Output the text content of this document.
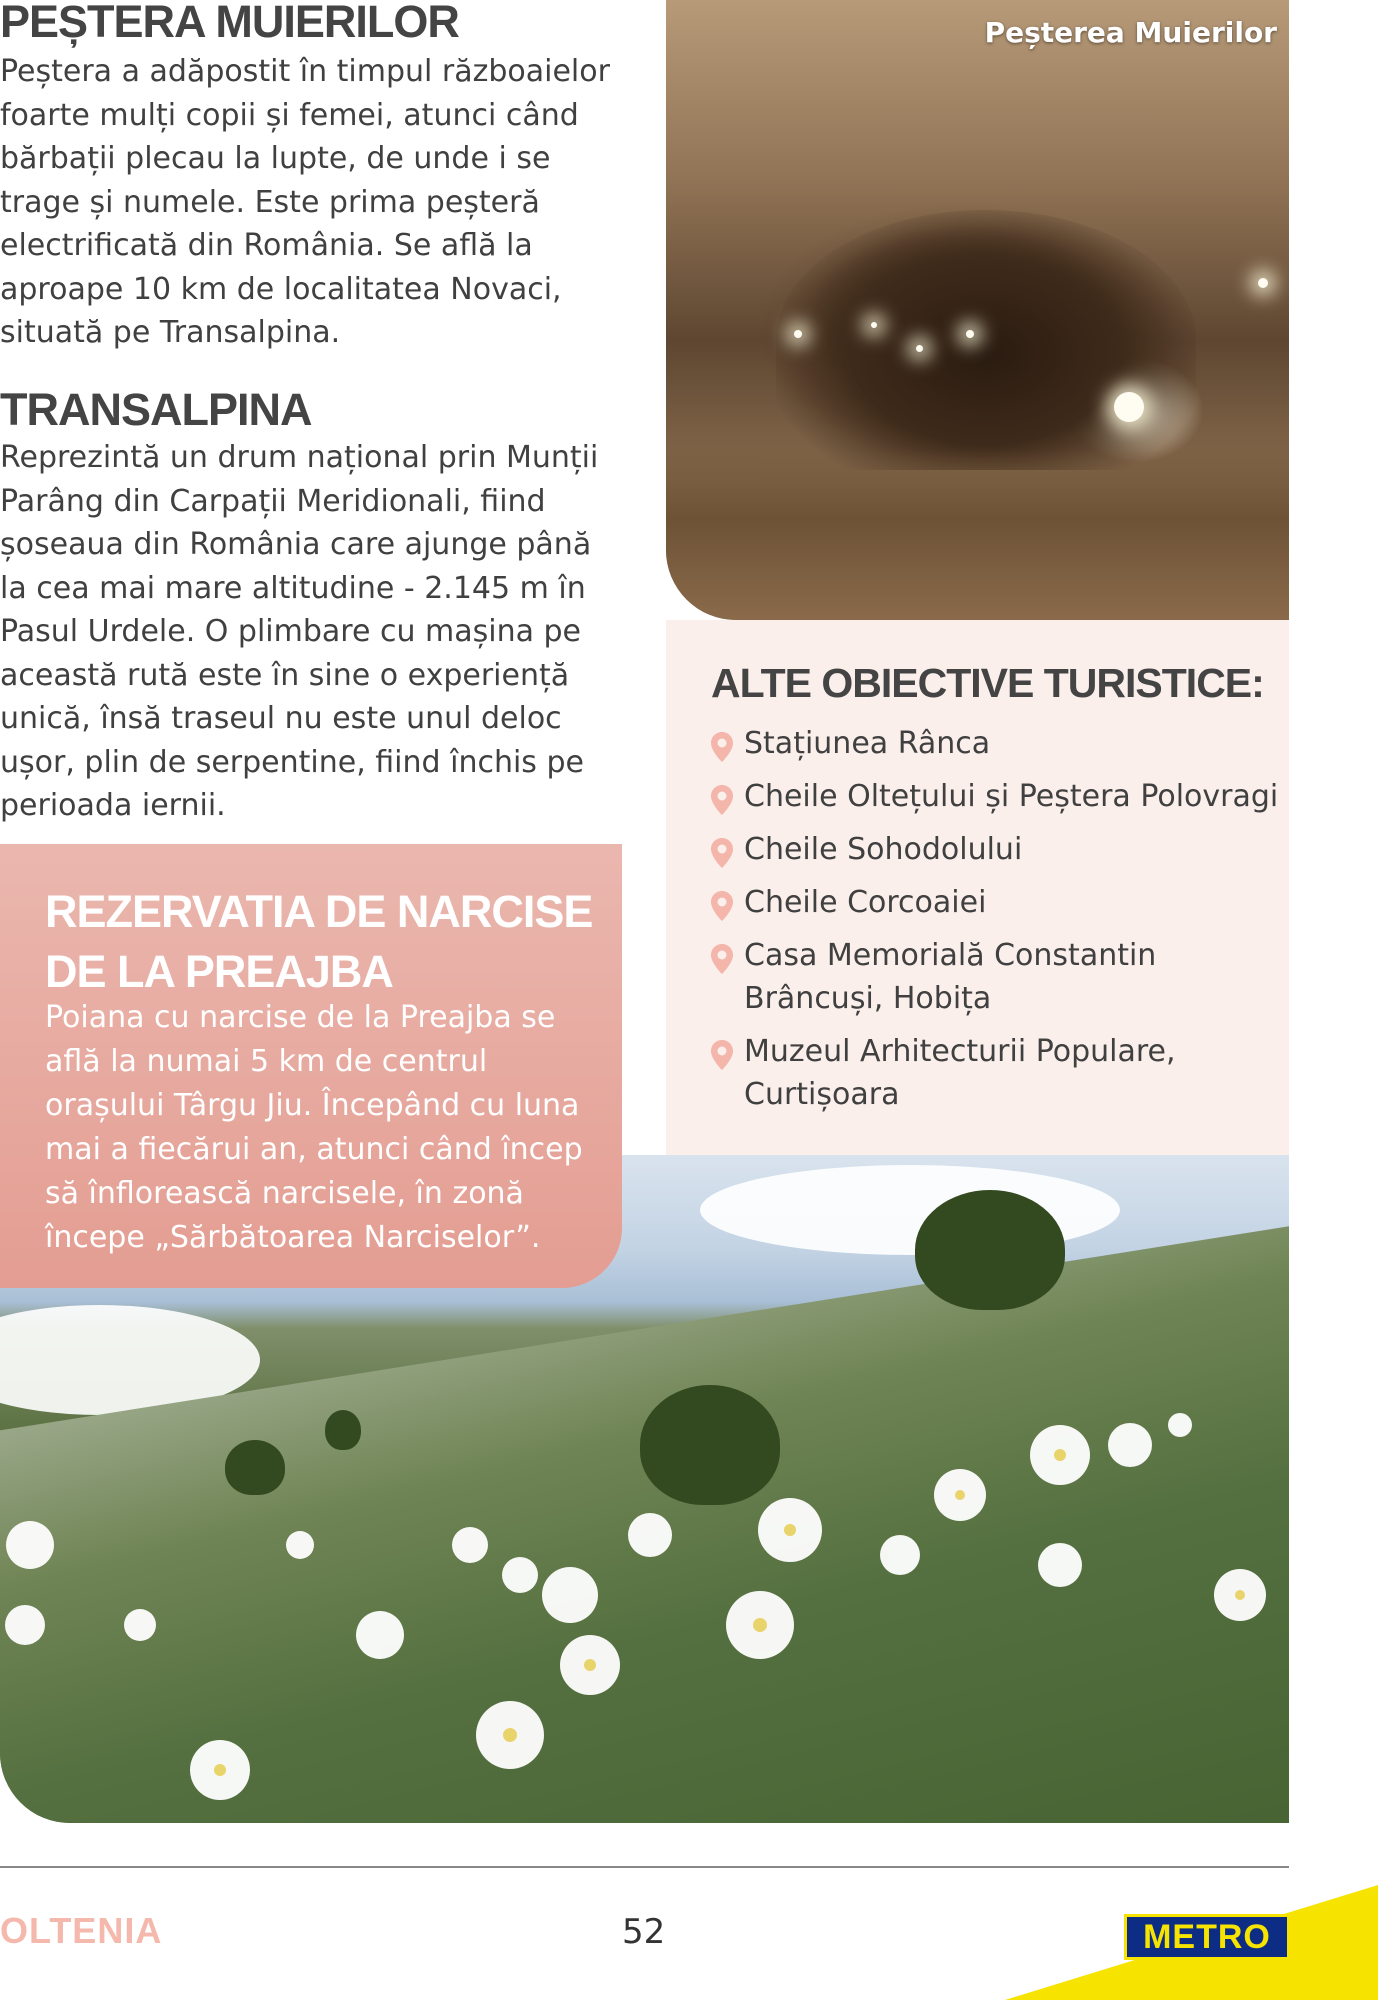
PEȘTERA MUIERILOR

Peștera a adăpostit în timpul războaielor foarte mulți copii și femei, atunci când bărbații plecau la lupte, de unde i se trage și numele. Este prima peșteră electrificată din România. Se află la aproape 10 km de localitatea Novaci, situată pe Transalpina.

TRANSALPINA

Reprezintă un drum național prin Munții Parâng din Carpații Meridionali, fiind șoseaua din România care ajunge până la cea mai mare altitudine - 2.145 m în Pasul Urdele. O plimbare cu mașina pe această rută este în sine o experiență unică, însă traseul nu este unul deloc ușor, plin de serpentine, fiind închis pe perioada iernii.

Peșterea Muierilor
ALTE OBIECTIVE TURISTICE:
Stațiunea Rânca
Cheile Oltețului și Peștera Polovragi
Cheile Sohodolului
Cheile Corcoaiei
Casa Memorială Constantin Brâncuși, Hobița
Muzeul Arhitecturii Populare, Curtișoara
REZERVATIA DE NARCISE DE LA PREAJBA

Poiana cu narcise de la Preajba se află la numai 5 km de centrul orașului Târgu Jiu. Începând cu luna mai a fiecărui an, atunci când încep să înflorească narcisele, în zonă începe „Sărbătoarea Narciselor”.

OLTENIA	52	METRO
